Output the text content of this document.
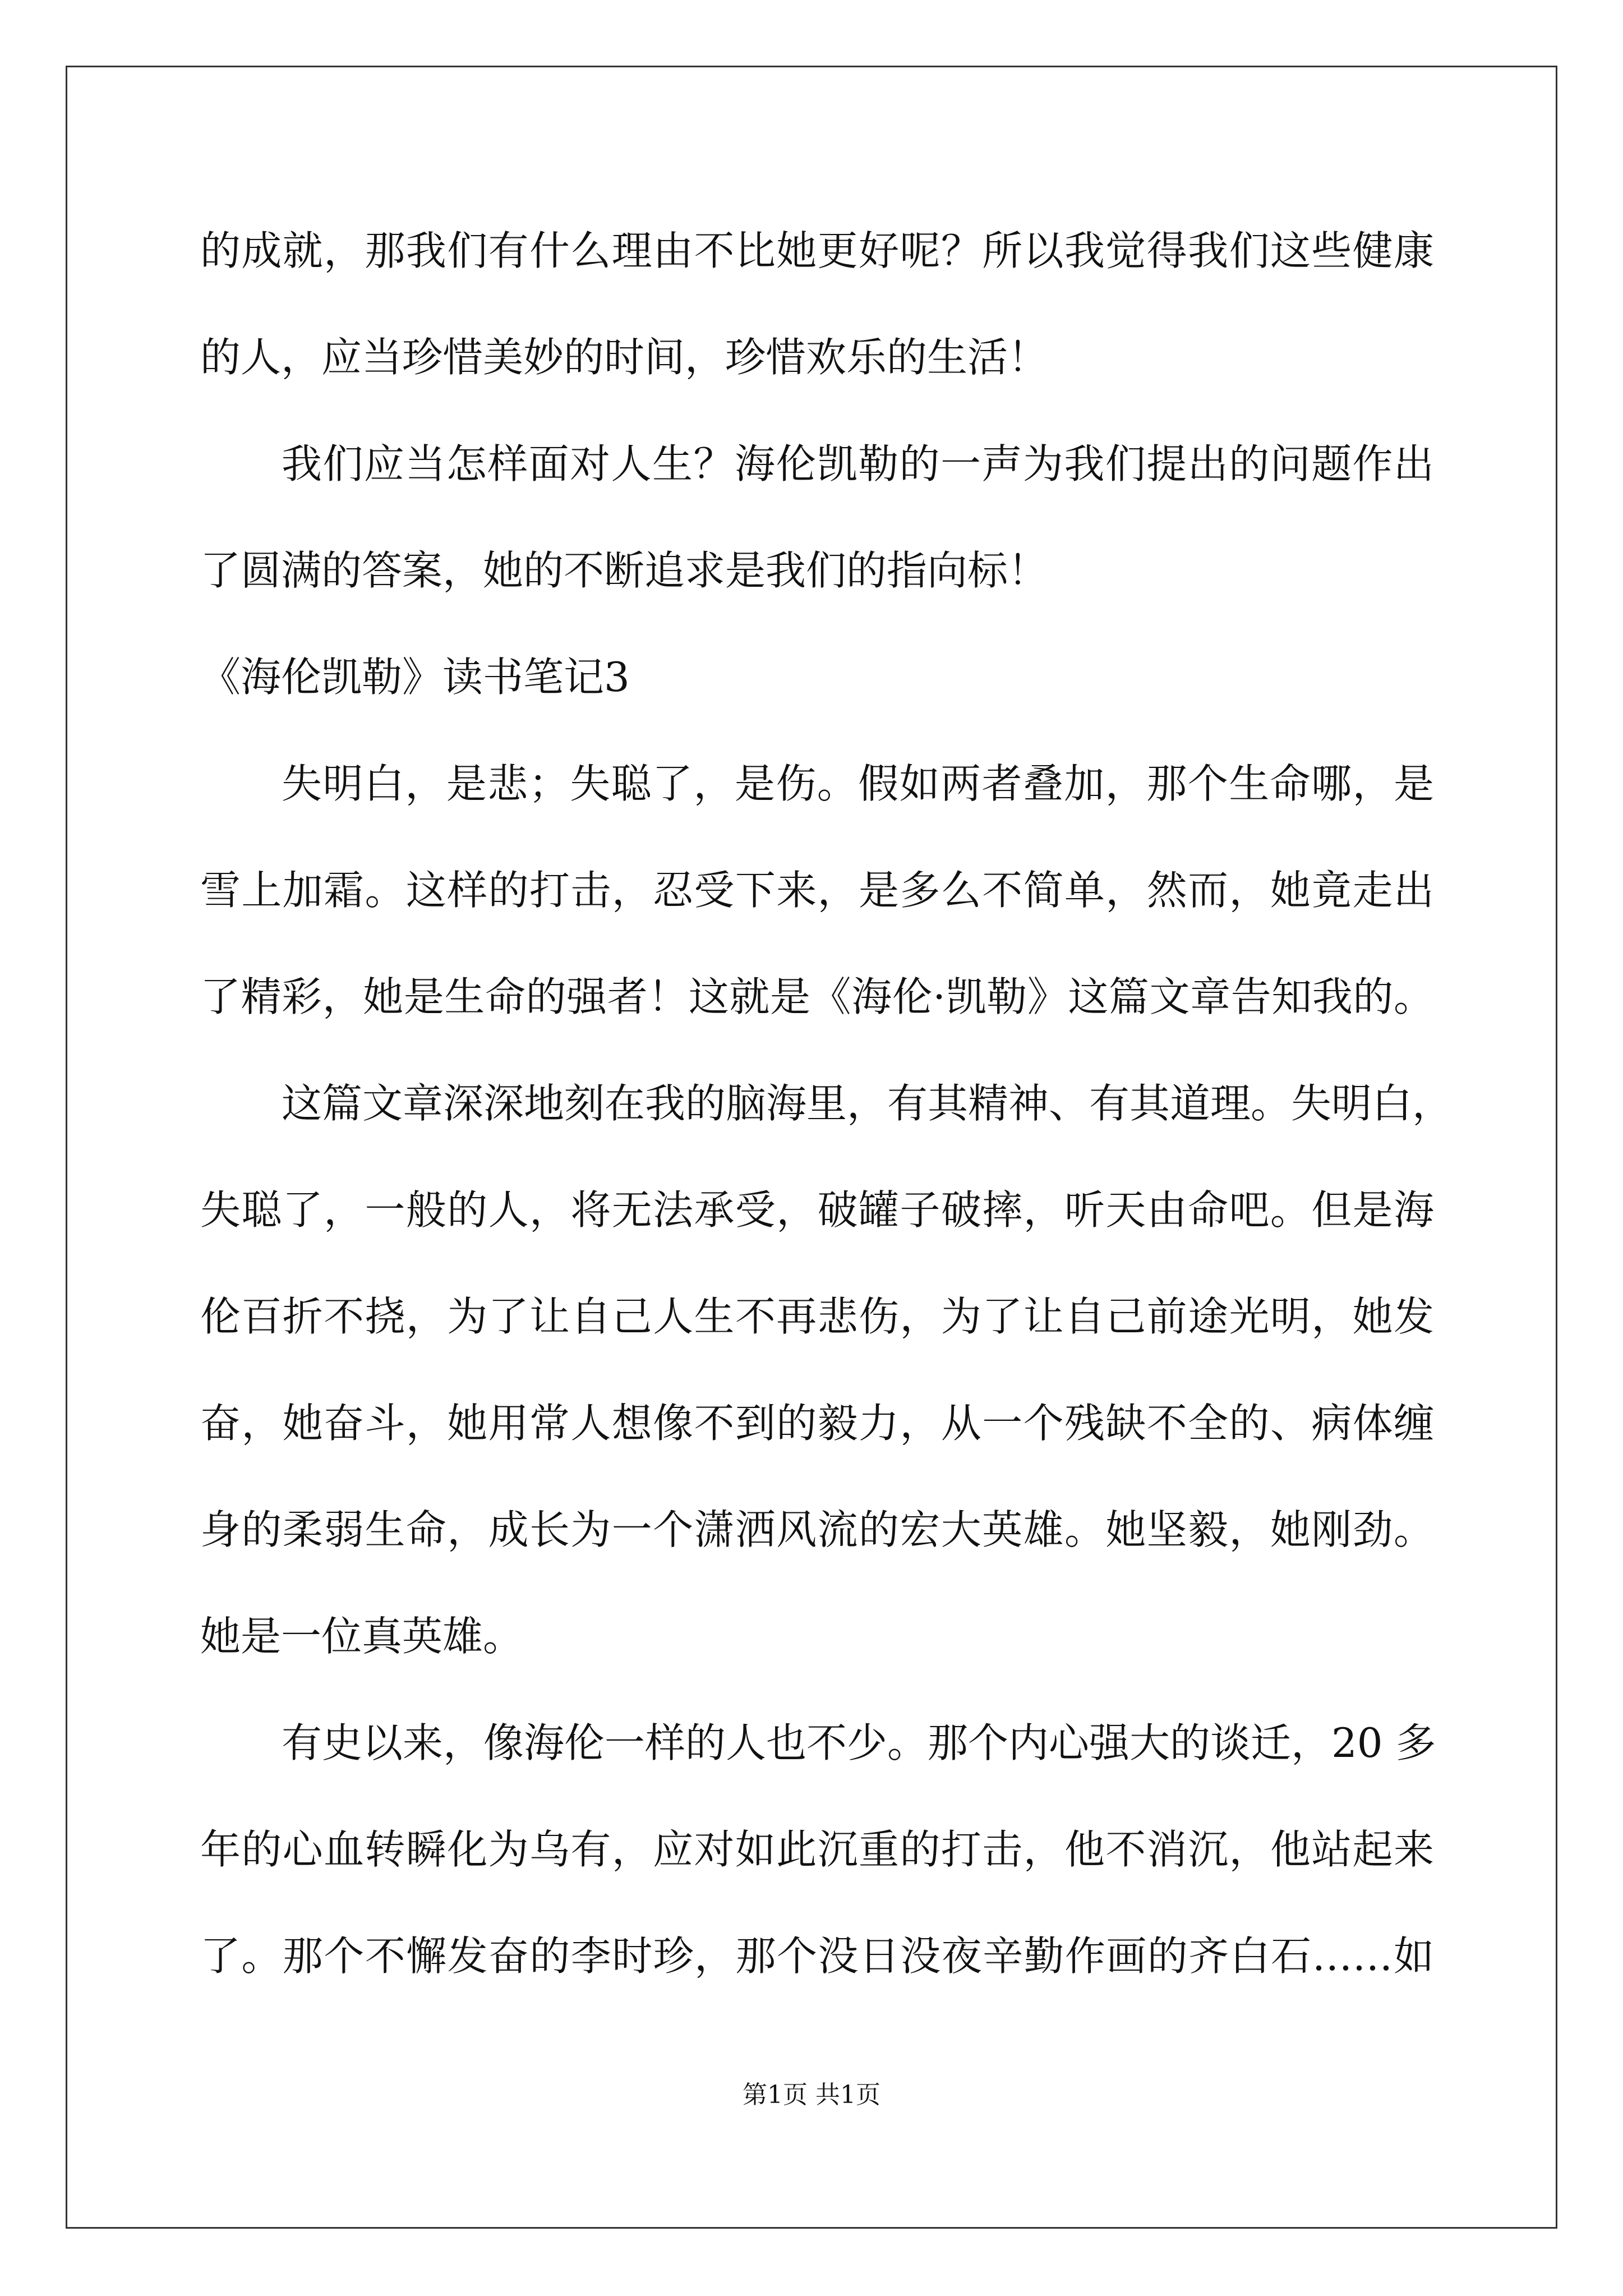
的成就，那我们有什么理由不比她更好呢？所以我觉得我们这些健康
的人，应当珍惜美妙的时间，珍惜欢乐的生活！
我们应当怎样面对人生？海伦凯勒的一声为我们提出的问题作出
了圆满的答案，她的不断追求是我们的指向标！
《海伦凯勒》读书笔记3
失明白，是悲；失聪了，是伤。假如两者叠加，那个生命哪，是
雪上加霜。这样的打击，忍受下来，是多么不简单，然而，她竟走出
了精彩，她是生命的强者！这就是《海伦·凯勒》这篇文章告知我的。
这篇文章深深地刻在我的脑海里，有其精神、有其道理。失明白，
失聪了，一般的人，将无法承受，破罐子破摔，听天由命吧。但是海
伦百折不挠，为了让自己人生不再悲伤，为了让自己前途光明，她发
奋，她奋斗，她用常人想像不到的毅力，从一个残缺不全的、病体缠
身的柔弱生命，成长为一个潇洒风流的宏大英雄。她坚毅，她刚劲。
她是一位真英雄。
有史以来，像海伦一样的人也不少。那个内心强大的谈迁，20 多
年的心血转瞬化为乌有，应对如此沉重的打击，他不消沉，他站起来
了。那个不懈发奋的李时珍，那个没日没夜辛勤作画的齐白石……如
第1页 共1页
